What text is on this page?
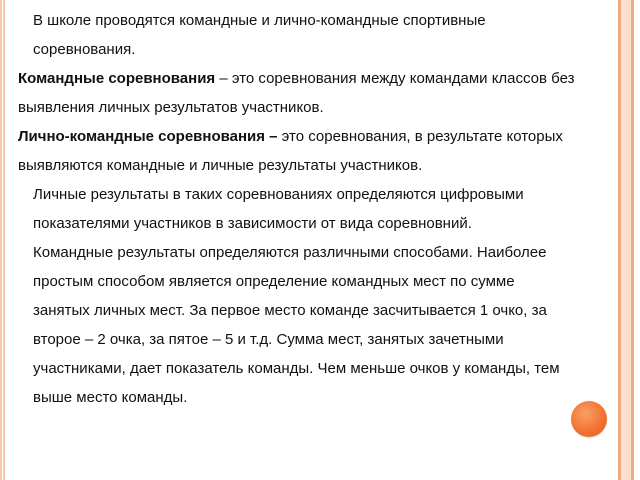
В школе проводятся командные и лично-командные спортивные соревнования.

Командные соревнования – это соревнования между командами классов без выявления личных результатов участников.

Лично-командные соревнования – это соревнования, в результате которых выявляются командные и личные результаты участников.

Личные результаты в таких соревнованиях определяются цифровыми показателями участников в зависимости от вида соревновний.

Командные результаты определяются различными способами. Наиболее простым способом является определение командных мест по сумме занятых личных мест. За первое место команде засчитывается 1 очко, за второе – 2 очка, за пятое – 5 и т.д. Сумма мест, занятых зачетными участниками, дает показатель команды. Чем меньше очков у команды, тем выше место команды.
